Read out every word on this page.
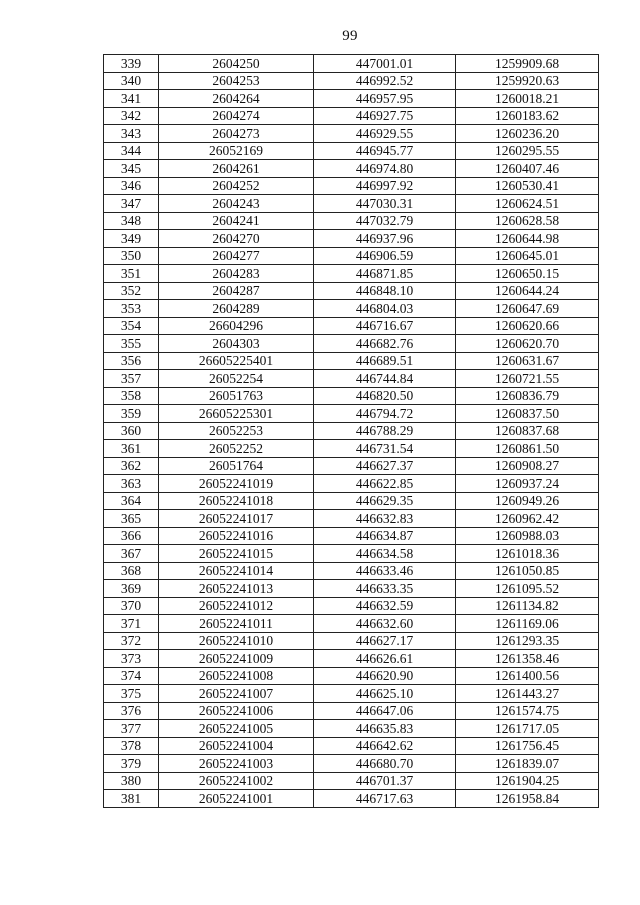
99
339	2604250	447001.01	1259909.68
340	2604253	446992.52	1259920.63
341	2604264	446957.95	1260018.21
342	2604274	446927.75	1260183.62
343	2604273	446929.55	1260236.20
344	26052169	446945.77	1260295.55
345	2604261	446974.80	1260407.46
346	2604252	446997.92	1260530.41
347	2604243	447030.31	1260624.51
348	2604241	447032.79	1260628.58
349	2604270	446937.96	1260644.98
350	2604277	446906.59	1260645.01
351	2604283	446871.85	1260650.15
352	2604287	446848.10	1260644.24
353	2604289	446804.03	1260647.69
354	26604296	446716.67	1260620.66
355	2604303	446682.76	1260620.70
356	26605225401	446689.51	1260631.67
357	26052254	446744.84	1260721.55
358	26051763	446820.50	1260836.79
359	26605225301	446794.72	1260837.50
360	26052253	446788.29	1260837.68
361	26052252	446731.54	1260861.50
362	26051764	446627.37	1260908.27
363	26052241019	446622.85	1260937.24
364	26052241018	446629.35	1260949.26
365	26052241017	446632.83	1260962.42
366	26052241016	446634.87	1260988.03
367	26052241015	446634.58	1261018.36
368	26052241014	446633.46	1261050.85
369	26052241013	446633.35	1261095.52
370	26052241012	446632.59	1261134.82
371	26052241011	446632.60	1261169.06
372	26052241010	446627.17	1261293.35
373	26052241009	446626.61	1261358.46
374	26052241008	446620.90	1261400.56
375	26052241007	446625.10	1261443.27
376	26052241006	446647.06	1261574.75
377	26052241005	446635.83	1261717.05
378	26052241004	446642.62	1261756.45
379	26052241003	446680.70	1261839.07
380	26052241002	446701.37	1261904.25
381	26052241001	446717.63	1261958.84
